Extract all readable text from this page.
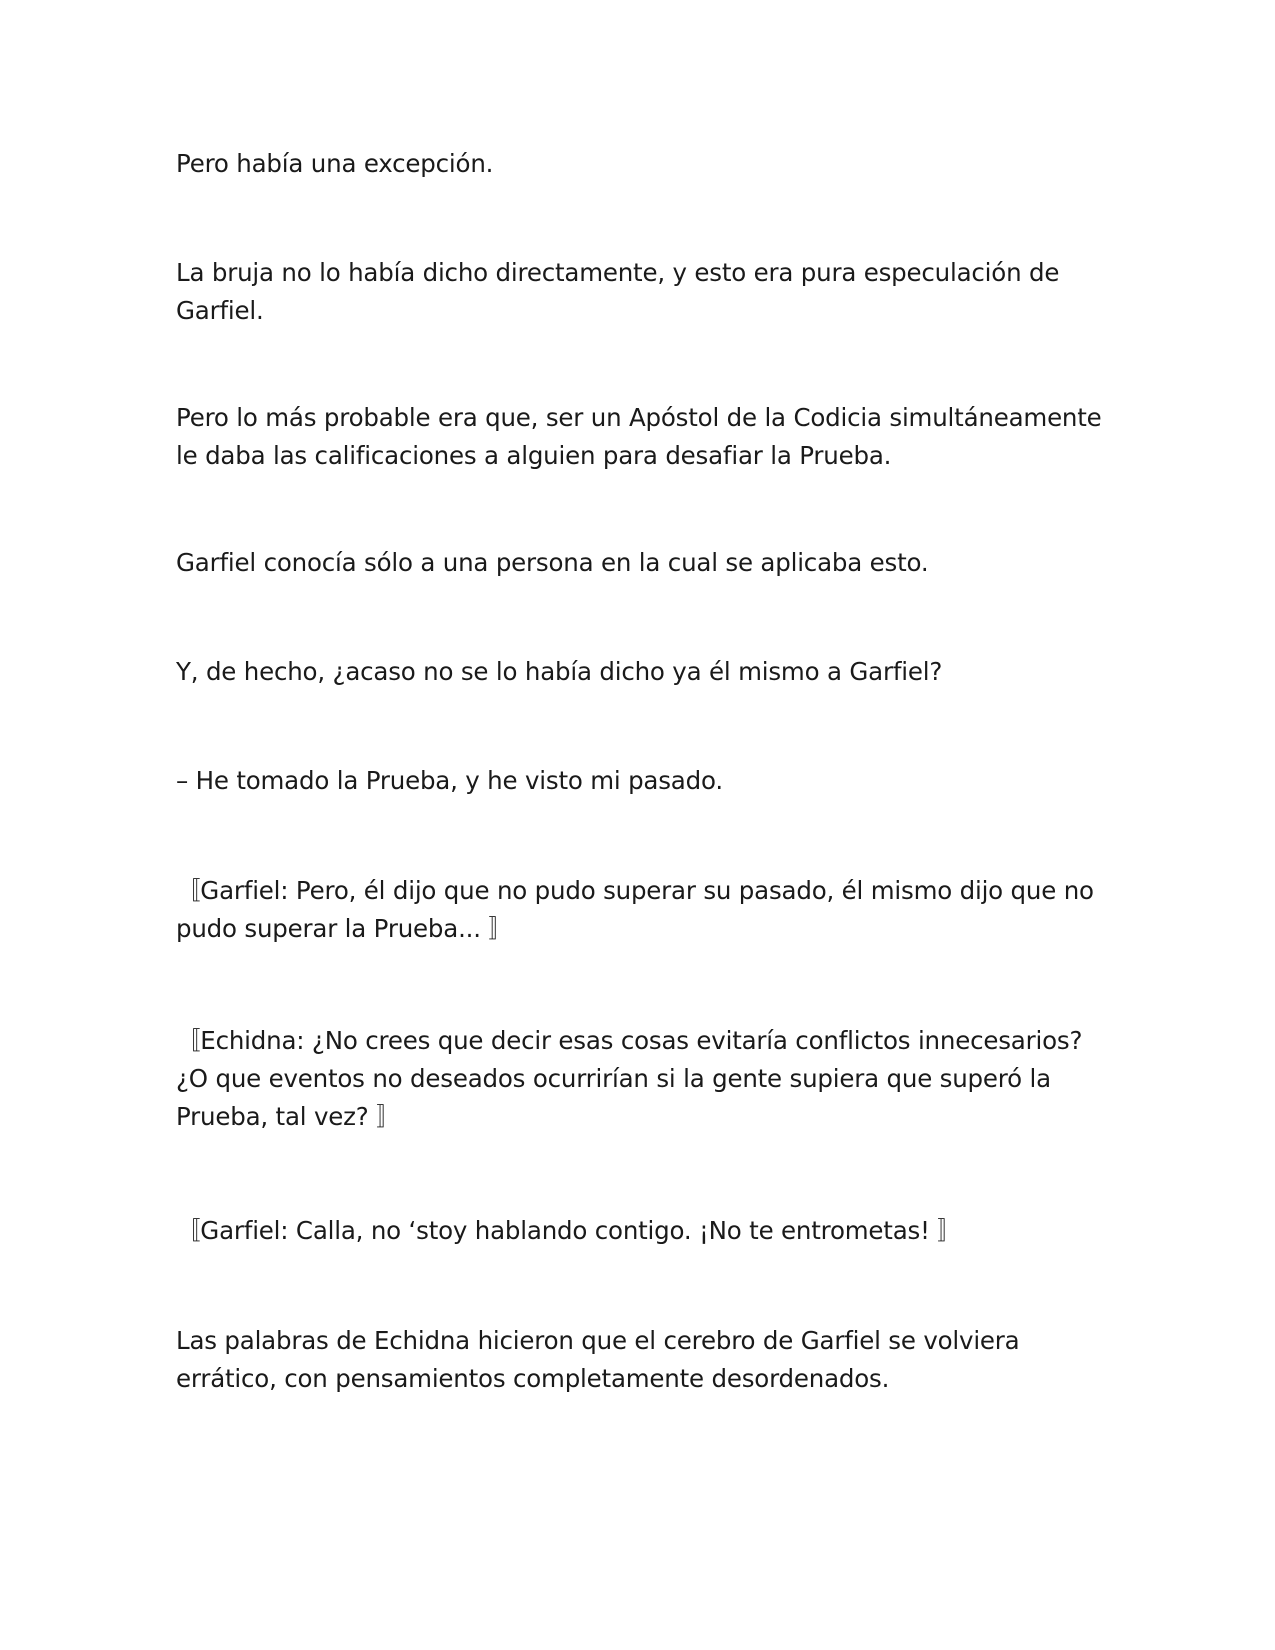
Pero había una excepción.

La bruja no lo había dicho directamente, y esto era pura especulación de
Garfiel.

Pero lo más probable era que, ser un Apóstol de la Codicia simultáneamente
le daba las calificaciones a alguien para desafiar la Prueba.

Garfiel conocía sólo a una persona en la cual se aplicaba esto.

Y, de hecho, ¿acaso no se lo había dicho ya él mismo a Garfiel?

– He tomado la Prueba, y he visto mi pasado.

〚Garfiel: Pero, él dijo que no pudo superar su pasado, él mismo dijo que no
pudo superar la Prueba... 〛

〚Echidna: ¿No crees que decir esas cosas evitaría conflictos innecesarios?
¿O que eventos no deseados ocurrirían si la gente supiera que superó la
Prueba, tal vez? 〛

〚Garfiel: Calla, no ‘stoy hablando contigo. ¡No te entrometas! 〛

Las palabras de Echidna hicieron que el cerebro de Garfiel se volviera
errático, con pensamientos completamente desordenados.
